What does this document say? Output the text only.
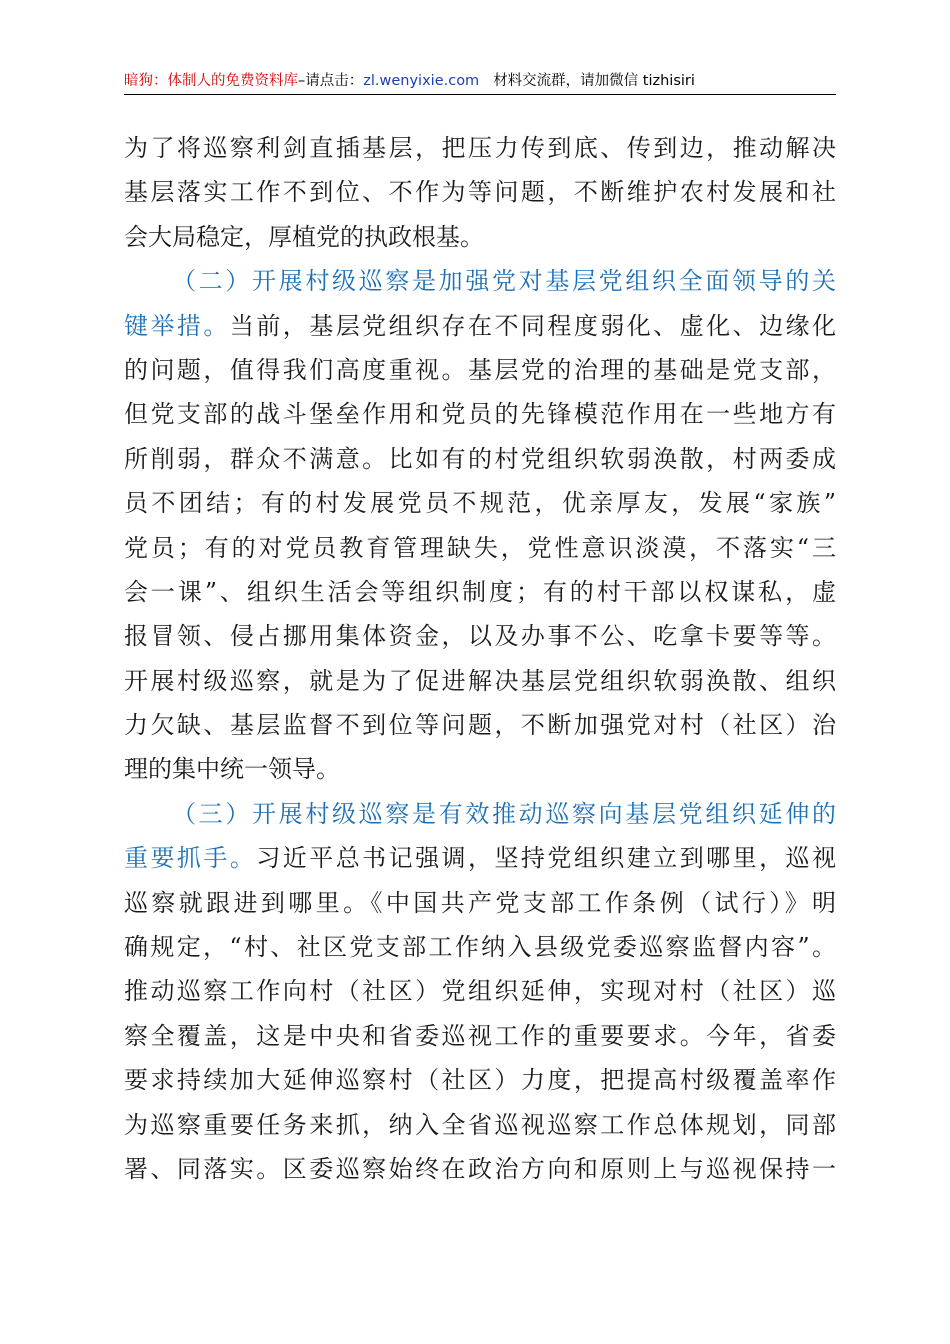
暗狗：体制人的免费资料库–请点击：zl.wenyixie.com 材料交流群，请加微信 tizhisiri
为了将巡察利剑直插基层，把压力传到底、传到边，推动解决
基层落实工作不到位、不作为等问题，不断维护农村发展和社
会大局稳定，厚植党的执政根基。
（二）开展村级巡察是加强党对基层党组织全面领导的关
键举措。当前，基层党组织存在不同程度弱化、虚化、边缘化
的问题，值得我们高度重视。基层党的治理的基础是党支部，
但党支部的战斗堡垒作用和党员的先锋模范作用在一些地方有
所削弱，群众不满意。比如有的村党组织软弱涣散，村两委成
员不团结；有的村发展党员不规范，优亲厚友，发展“家族”
党员；有的对党员教育管理缺失，党性意识淡漠，不落实“三
会一课”、组织生活会等组织制度；有的村干部以权谋私，虚
报冒领、侵占挪用集体资金，以及办事不公、吃拿卡要等等。
开展村级巡察，就是为了促进解决基层党组织软弱涣散、组织
力欠缺、基层监督不到位等问题，不断加强党对村（社区）治
理的集中统一领导。
（三）开展村级巡察是有效推动巡察向基层党组织延伸的
重要抓手。习近平总书记强调，坚持党组织建立到哪里，巡视
巡察就跟进到哪里。《中国共产党支部工作条例（试行）》明
确规定，“村、社区党支部工作纳入县级党委巡察监督内容”。
推动巡察工作向村（社区）党组织延伸，实现对村（社区）巡
察全覆盖，这是中央和省委巡视工作的重要要求。今年，省委
要求持续加大延伸巡察村（社区）力度，把提高村级覆盖率作
为巡察重要任务来抓，纳入全省巡视巡察工作总体规划，同部
署、同落实。区委巡察始终在政治方向和原则上与巡视保持一
